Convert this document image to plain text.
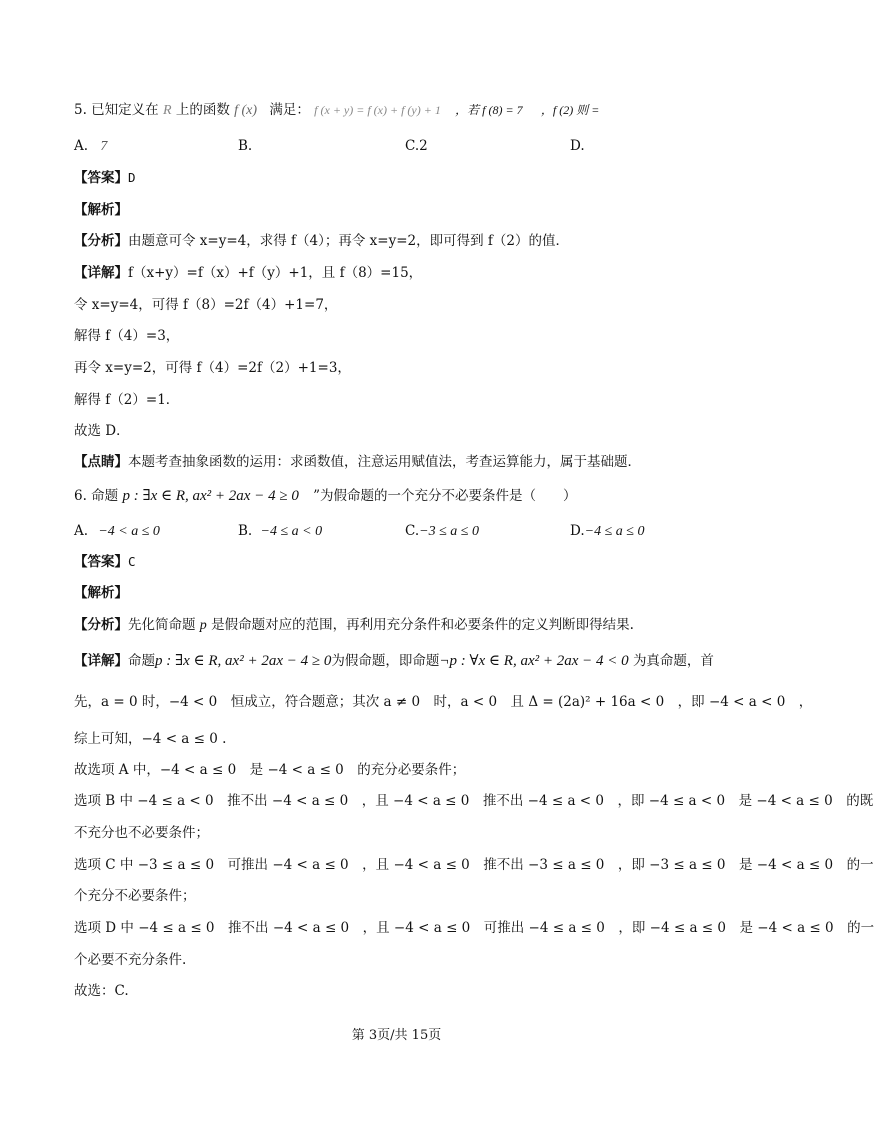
5. 已知定义在 R 上的函数 f (x) 满足： f (x + y) = f (x) + f (y) + 1 ，若 f (8) = 7 ，f (2) 则 =
A. 7	B.	C.2	D.
【答案】D
【解析】
【分析】由题意可令 x=y=4，求得 f（4）；再令 x=y=2，即可得到 f（2）的值．
【详解】f（x+y）=f（x）+f（y）+1，且 f（8）=15，
令 x=y=4，可得 f（8）=2f（4）+1=7，
解得 f（4）=3，
再令 x=y=2，可得 f（4）=2f（2）+1=3，
解得 f（2）=1．
故选 D．
【点睛】本题考查抽象函数的运用：求函数值，注意运用赋值法，考查运算能力，属于基础题．
6. 命题 p : ∃x ∈ R, ax² + 2ax − 4 ≥ 0 ”为假命题的一个充分不必要条件是（　　）
A. −4 < a ≤ 0	B. −4 ≤ a < 0	C.−3 ≤ a ≤ 0	D.−4 ≤ a ≤ 0
【答案】C
【解析】
【分析】先化简命题 p 是假命题对应的范围，再利用充分条件和必要条件的定义判断即得结果.
【详解】命题p : ∃x ∈ R, ax² + 2ax − 4 ≥ 0为假命题，即命题¬p : ∀x ∈ R, ax² + 2ax − 4 < 0 为真命题，首
先，a = 0 时，−4 < 0　恒成立，符合题意；其次 a ≠ 0　时，a < 0　且 Δ = (2a)² + 16a < 0　，即 −4 < a < 0　，
综上可知，−4 < a ≤ 0 .
故选项 A 中，−4 < a ≤ 0　是 −4 < a ≤ 0　的充分必要条件；
选项 B 中 −4 ≤ a < 0　推不出 −4 < a ≤ 0　，且 −4 < a ≤ 0　推不出 −4 ≤ a < 0　，即 −4 ≤ a < 0　是 −4 < a ≤ 0　的既
不充分也不必要条件；
选项 C 中 −3 ≤ a ≤ 0　可推出 −4 < a ≤ 0　，且 −4 < a ≤ 0　推不出 −3 ≤ a ≤ 0　，即 −3 ≤ a ≤ 0　是 −4 < a ≤ 0　的一
个充分不必要条件；
选项 D 中 −4 ≤ a ≤ 0　推不出 −4 < a ≤ 0　，且 −4 < a ≤ 0　可推出 −4 ≤ a ≤ 0　，即 −4 ≤ a ≤ 0　是 −4 < a ≤ 0　的一
个必要不充分条件.
故选：C.
第 3页/共 15页
